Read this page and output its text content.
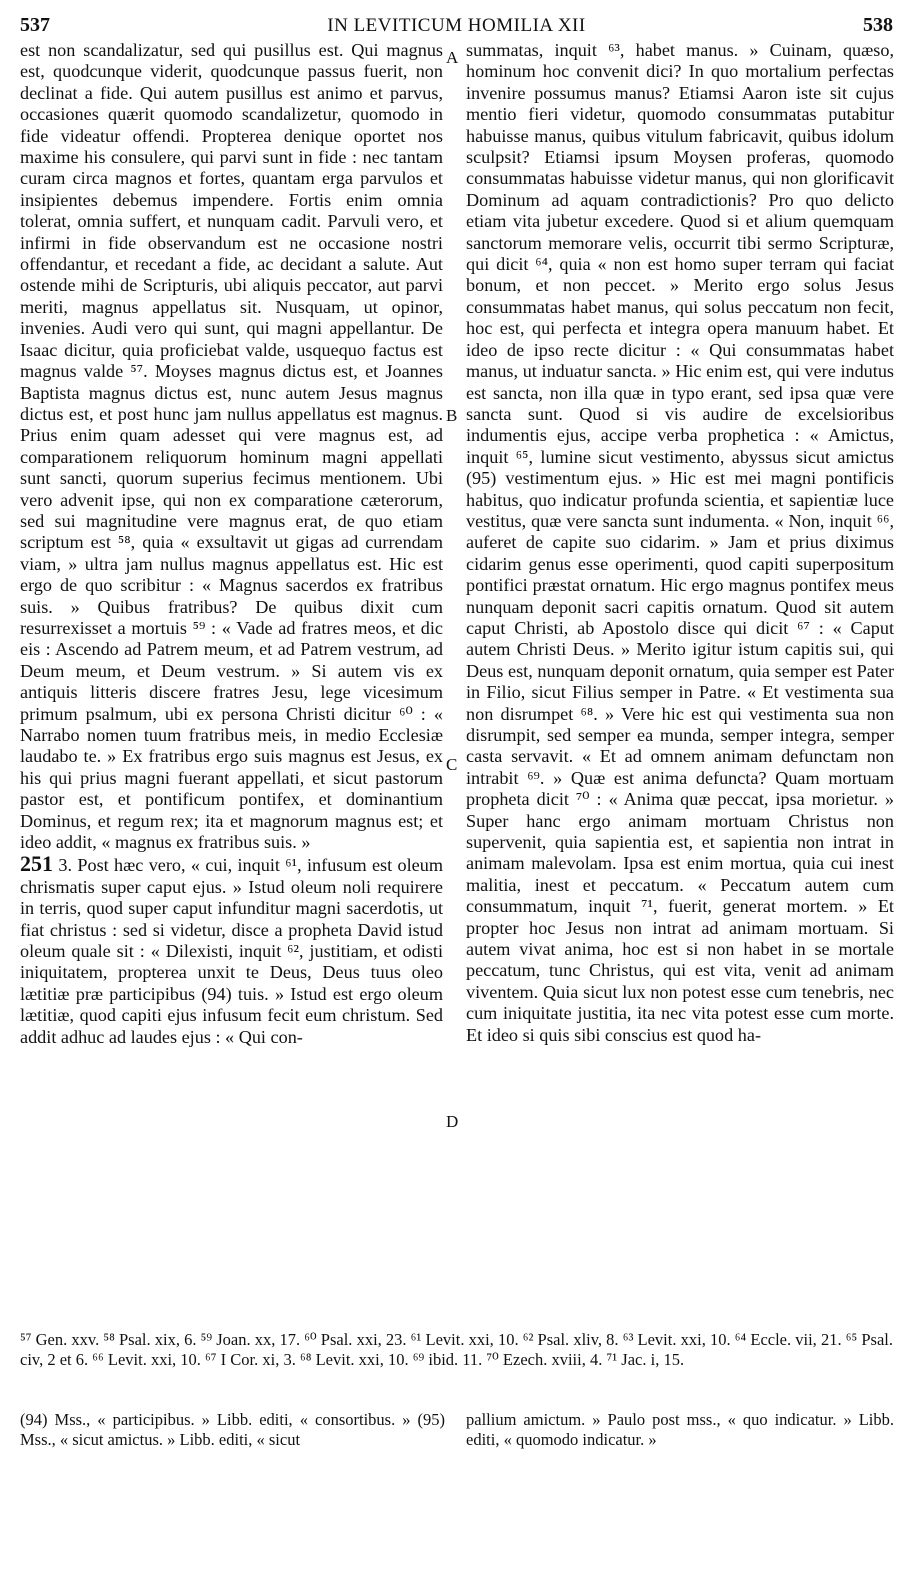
537	IN LEVITICUM HOMILIA XII	538
A
B
C
D

est non scandalizatur, sed qui pusillus est. Qui magnus est, quodcunque viderit, quodcunque passus fuerit, non declinat a fide. Qui autem pusillus est animo et parvus, occasiones quærit quomodo scandalizetur, quomodo in fide videatur offendi. Propterea denique oportet nos maxime his consulere, qui parvi sunt in fide : nec tantam curam circa magnos et fortes, quantam erga parvulos et insipientes debemus impendere. Fortis enim omnia tolerat, omnia suffert, et nunquam cadit. Parvuli vero, et infirmi in fide observandum est ne occasione nostri offendantur, et recedant a fide, ac decidant a salute. Aut ostende mihi de Scripturis, ubi aliquis peccator, aut parvi meriti, magnus appellatus sit. Nusquam, ut opinor, invenies. Audi vero qui sunt, qui magni appellantur. De Isaac dicitur, quia proficiebat valde, usquequo factus est magnus valde ⁵⁷. Moyses magnus dictus est, et Joannes Baptista magnus dictus est, nunc autem Jesus magnus dictus est, et post hunc jam nullus appellatus est magnus. Prius enim quam adesset qui vere magnus est, ad comparationem reliquorum hominum magni appellati sunt sancti, quorum superius fecimus mentionem. Ubi vero advenit ipse, qui non ex comparatione cæterorum, sed sui magnitudine vere magnus erat, de quo etiam scriptum est ⁵⁸, quia « exsultavit ut gigas ad currendam viam, » ultra jam nullus magnus appellatus est. Hic est ergo de quo scribitur : « Magnus sacerdos ex fratribus suis. » Quibus fratribus? De quibus dixit cum resurrexisset a mortuis ⁵⁹ : « Vade ad fratres meos, et dic eis : Ascendo ad Patrem meum, et ad Patrem vestrum, ad Deum meum, et Deum vestrum. » Si autem vis ex antiquis litteris discere fratres Jesu, lege vicesimum primum psalmum, ubi ex persona Christi dicitur ⁶⁰ : « Narrabo nomen tuum fratribus meis, in medio Ecclesiæ laudabo te. » Ex fratribus ergo suis magnus est Jesus, ex his qui prius magni fuerant appellati, et sicut pastorum pastor est, et pontificum pontifex, et dominantium Dominus, et regum rex; ita et magnorum magnus est; et ideo addit, « magnus ex fratribus suis. »

251 3. Post hæc vero, « cui, inquit ⁶¹, infusum est oleum chrismatis super caput ejus. » Istud oleum noli requirere in terris, quod super caput infunditur magni sacerdotis, ut fiat christus : sed si videtur, disce a propheta David istud oleum quale sit : « Dilexisti, inquit ⁶², justitiam, et odisti iniquitatem, propterea unxit te Deus, Deus tuus oleo lætitiæ præ participibus (94) tuis. » Istud est ergo oleum lætitiæ, quod capiti ejus infusum fecit eum christum. Sed addit adhuc ad laudes ejus : « Qui con-

summatas, inquit ⁶³, habet manus. » Cuinam, quæso, hominum hoc convenit dici? In quo mortalium perfectas invenire possumus manus? Etiamsi Aaron iste sit cujus mentio fieri videtur, quomodo consummatas putabitur habuisse manus, quibus vitulum fabricavit, quibus idolum sculpsit? Etiamsi ipsum Moysen proferas, quomodo consummatas habuisse videtur manus, qui non glorificavit Dominum ad aquam contradictionis? Pro quo delicto etiam vita jubetur excedere. Quod si et alium quemquam sanctorum memorare velis, occurrit tibi sermo Scripturæ, qui dicit ⁶⁴, quia « non est homo super terram qui faciat bonum, et non peccet. » Merito ergo solus Jesus consummatas habet manus, qui solus peccatum non fecit, hoc est, qui perfecta et integra opera manuum habet. Et ideo de ipso recte dicitur : « Qui consummatas habet manus, ut induatur sancta. » Hic enim est, qui vere indutus est sancta, non illa quæ in typo erant, sed ipsa quæ vere sancta sunt. Quod si vis audire de excelsioribus indumentis ejus, accipe verba prophetica : « Amictus, inquit ⁶⁵, lumine sicut vestimento, abyssus sicut amictus (95) vestimentum ejus. » Hic est mei magni pontificis habitus, quo indicatur profunda scientia, et sapientiæ luce vestitus, quæ vere sancta sunt indumenta. « Non, inquit ⁶⁶, auferet de capite suo cidarim. » Jam et prius diximus cidarim genus esse operimenti, quod capiti superpositum pontifici præstat ornatum. Hic ergo magnus pontifex meus nunquam deponit sacri capitis ornatum. Quod sit autem caput Christi, ab Apostolo disce qui dicit ⁶⁷ : « Caput autem Christi Deus. » Merito igitur istum capitis sui, qui Deus est, nunquam deponit ornatum, quia semper est Pater in Filio, sicut Filius semper in Patre. « Et vestimenta sua non disrumpet ⁶⁸. » Vere hic est qui vestimenta sua non disrumpit, sed semper ea munda, semper integra, semper casta servavit. « Et ad omnem animam defunctam non intrabit ⁶⁹. » Quæ est anima defuncta? Quam mortuam propheta dicit ⁷⁰ : « Anima quæ peccat, ipsa morietur. » Super hanc ergo animam mortuam Christus non supervenit, quia sapientia est, et sapientia non intrat in animam malevolam. Ipsa est enim mortua, quia cui inest malitia, inest et peccatum. « Peccatum autem cum consummatum, inquit ⁷¹, fuerit, generat mortem. » Et propter hoc Jesus non intrat ad animam mortuam. Si autem vivat anima, hoc est si non habet in se mortale peccatum, tunc Christus, qui est vita, venit ad animam viventem. Quia sicut lux non potest esse cum tenebris, nec cum iniquitate justitia, ita nec vita potest esse cum morte. Et ideo si quis sibi conscius est quod ha-

⁵⁷ Gen. xxv. ⁵⁸ Psal. xix, 6. ⁵⁹ Joan. xx, 17. ⁶⁰ Psal. xxi, 23. ⁶¹ Levit. xxi, 10. ⁶² Psal. xliv, 8. ⁶³ Levit. xxi, 10. ⁶⁴ Eccle. vii, 21. ⁶⁵ Psal. civ, 2 et 6. ⁶⁶ Levit. xxi, 10. ⁶⁷ I Cor. xi, 3. ⁶⁸ Levit. xxi, 10. ⁶⁹ ibid. 11. ⁷⁰ Ezech. xviii, 4. ⁷¹ Jac. i, 15.
(94) Mss., « participibus. » Libb. editi, « consortibus. » (95) Mss., « sicut amictus. » Libb. editi, « sicut
pallium amictum. » Paulo post mss., « quo indicatur. » Libb. editi, « quomodo indicatur. »
